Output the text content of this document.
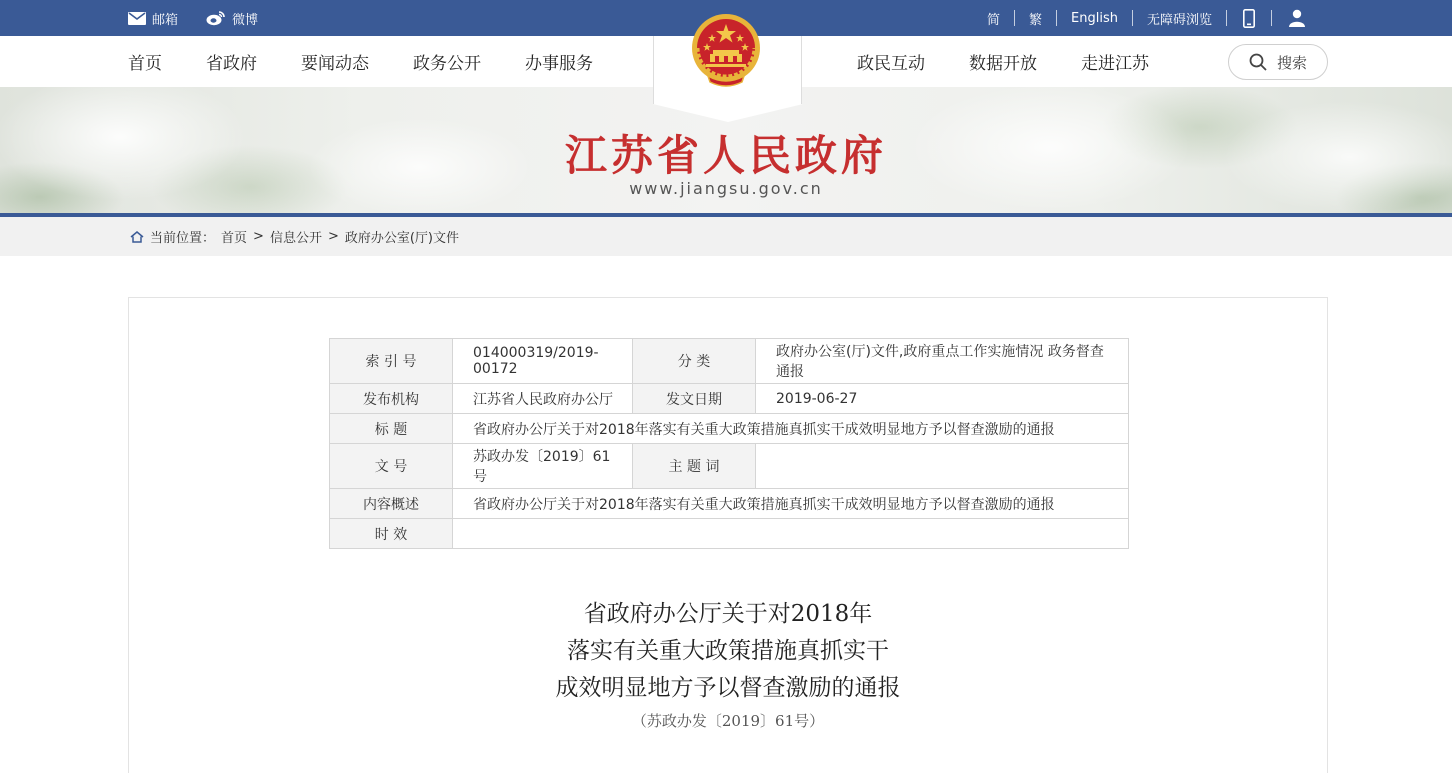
邮箱	微博	简	繁	English	无障碍浏览
首页	省政府	要闻动态	政务公开	办事服务	政民互动	数据开放	走进江苏	搜索
江苏省人民政府
www.jiangsu.gov.cn
当前位置： 首页 > 信息公开 > 政府办公室(厅)文件
索 引 号	014000319/2019-00172	分 类	政府办公室(厅)文件,政府重点工作实施情况 政务督查 通报
发布机构	江苏省人民政府办公厅	发文日期	2019-06-27
标 题	省政府办公厅关于对2018年落实有关重大政策措施真抓实干成效明显地方予以督查激励的通报		
文 号	苏政办发〔2019〕61号	主 题 词	
内容概述	省政府办公厅关于对2018年落实有关重大政策措施真抓实干成效明显地方予以督查激励的通报		
时 效			
省政府办公厅关于对2018年
落实有关重大政策措施真抓实干
成效明显地方予以督查激励的通报
（苏政办发〔2019〕61号）
